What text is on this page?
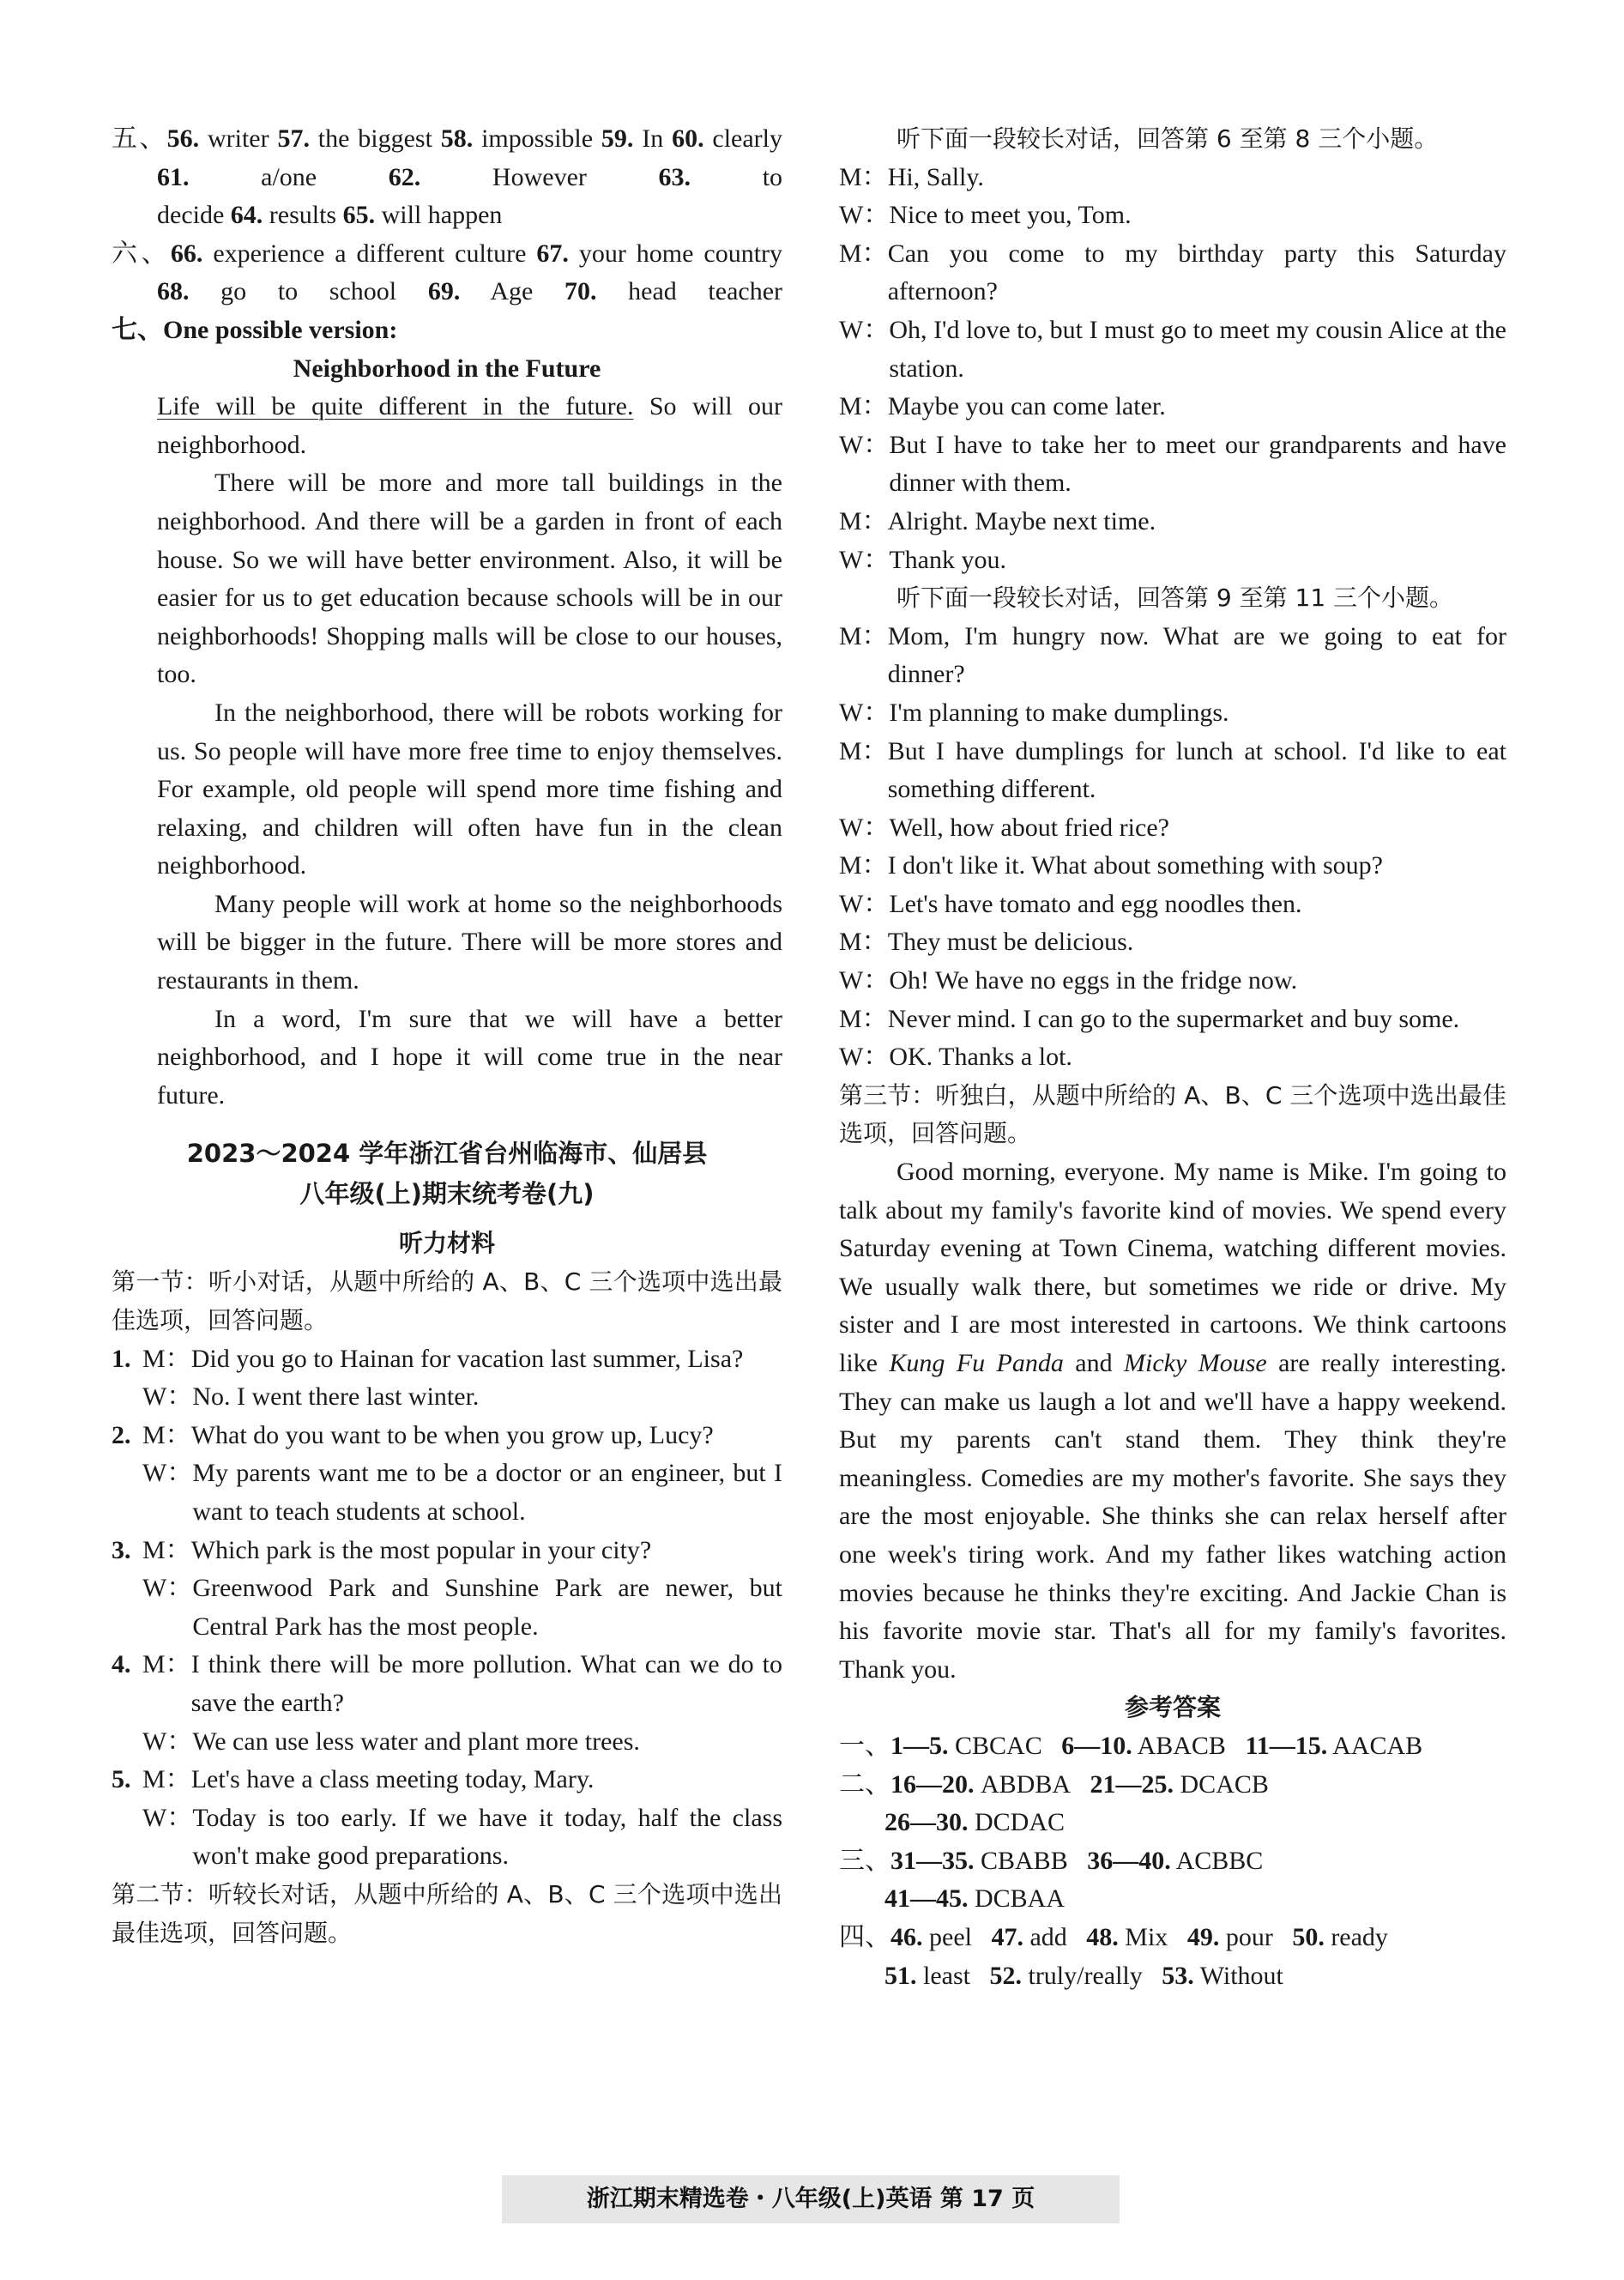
五、56. writer 57. the biggest 58. impossible 59. In 60. clearly 61. a/one	62. However	63. to
decide 64. results 65. will happen
六、66. experience a different culture 67. your home country 68. go to school 69. Age 70. head teacher
七、One possible version:
Neighborhood in the Future
Life will be quite different in the future. So will our neighborhood.
There will be more and more tall buildings in the neighborhood. And there will be a garden in front of each house. So we will have better environment. Also, it will be easier for us to get education because schools will be in our neighborhoods! Shopping malls will be close to our houses, too.
In the neighborhood, there will be robots working for us. So people will have more free time to enjoy themselves. For example, old people will spend more time fishing and relaxing, and children will often have fun in the clean neighborhood.
Many people will work at home so the neighborhoods will be bigger in the future. There will be more stores and restaurants in them.
In a word, I'm sure that we will have a better neighborhood, and I hope it will come true in the near future.
2023～2024 学年浙江省台州临海市、仙居县
八年级(上)期末统考卷(九)
听力材料
第一节：听小对话，从题中所给的 A、B、C 三个选项中选出最佳选项，回答问题。
1. M： Did you go to Hainan for vacation last summer, Lisa?
W： No. I went there last winter.
2. M： What do you want to be when you grow up, Lucy?
W： My parents want me to be a doctor or an engineer, but I want to teach students at school.
3. M： Which park is the most popular in your city?
W： Greenwood Park and Sunshine Park are newer, but Central Park has the most people.
4. M： I think there will be more pollution. What can we do to save the earth?
W： We can use less water and plant more trees.
5. M： Let's have a class meeting today, Mary.
W： Today is too early. If we have it today, half the class won't make good preparations.
第二节：听较长对话，从题中所给的 A、B、C 三个选项中选出最佳选项，回答问题。
听下面一段较长对话，回答第 6 至第 8 三个小题。
M： Hi, Sally.
W： Nice to meet you, Tom.
M： Can you come to my birthday party this Saturday afternoon?
W： Oh, I'd love to, but I must go to meet my cousin Alice at the station.
M： Maybe you can come later.
W： But I have to take her to meet our grandparents and have dinner with them.
M： Alright. Maybe next time.
W： Thank you.
听下面一段较长对话，回答第 9 至第 11 三个小题。
M： Mom, I'm hungry now. What are we going to eat for dinner?
W： I'm planning to make dumplings.
M： But I have dumplings for lunch at school. I'd like to eat something different.
W： Well, how about fried rice?
M： I don't like it. What about something with soup?
W： Let's have tomato and egg noodles then.
M： They must be delicious.
W： Oh! We have no eggs in the fridge now.
M： Never mind. I can go to the supermarket and buy some.
W： OK. Thanks a lot.
第三节：听独白，从题中所给的 A、B、C 三个选项中选出最佳选项，回答问题。
Good morning, everyone. My name is Mike. I'm going to talk about my family's favorite kind of movies. We spend every Saturday evening at Town Cinema, watching different movies. We usually walk there, but sometimes we ride or drive. My sister and I are most interested in cartoons. We think cartoons like Kung Fu Panda and Micky Mouse are really interesting. They can make us laugh a lot and we'll have a happy weekend. But my parents can't stand them. They think they're meaningless. Comedies are my mother's favorite. She says they are the most enjoyable. She thinks she can relax herself after one week's tiring work. And my father likes watching action movies because he thinks they're exciting. And Jackie Chan is his favorite movie star. That's all for my family's favorites. Thank you.
参考答案
一、1—5. CBCAC 6—10. ABACB 11—15. AACAB
二、16—20. ABDBA 21—25. DCACB
26—30. DCDAC
三、31—35. CBABB 36—40. ACBBC
41—45. DCBAA
四、46. peel 47. add 48. Mix 49. pour 50. ready
51. least 52. truly/really 53. Without
浙江期末精选卷・八年级(上)英语 第 17 页
